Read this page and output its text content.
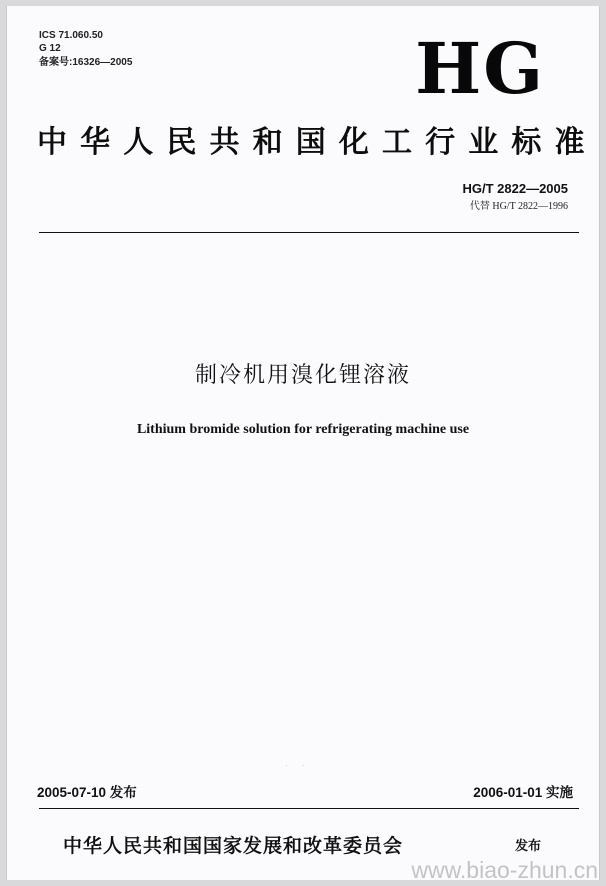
ICS 71.060.50
G 12
备案号:16326—2005	HG
中华人民共和国化工行业标准
HG/T 2822—2005
代替 HG/T 2822—1996
制冷机用溴化锂溶液
Lithium bromide solution for refrigerating machine use
· ·
2005-07-10 发布	2006-01-01 实施
中华人民共和国国家发展和改革委员会	发布
www.biao-zhun.cn
